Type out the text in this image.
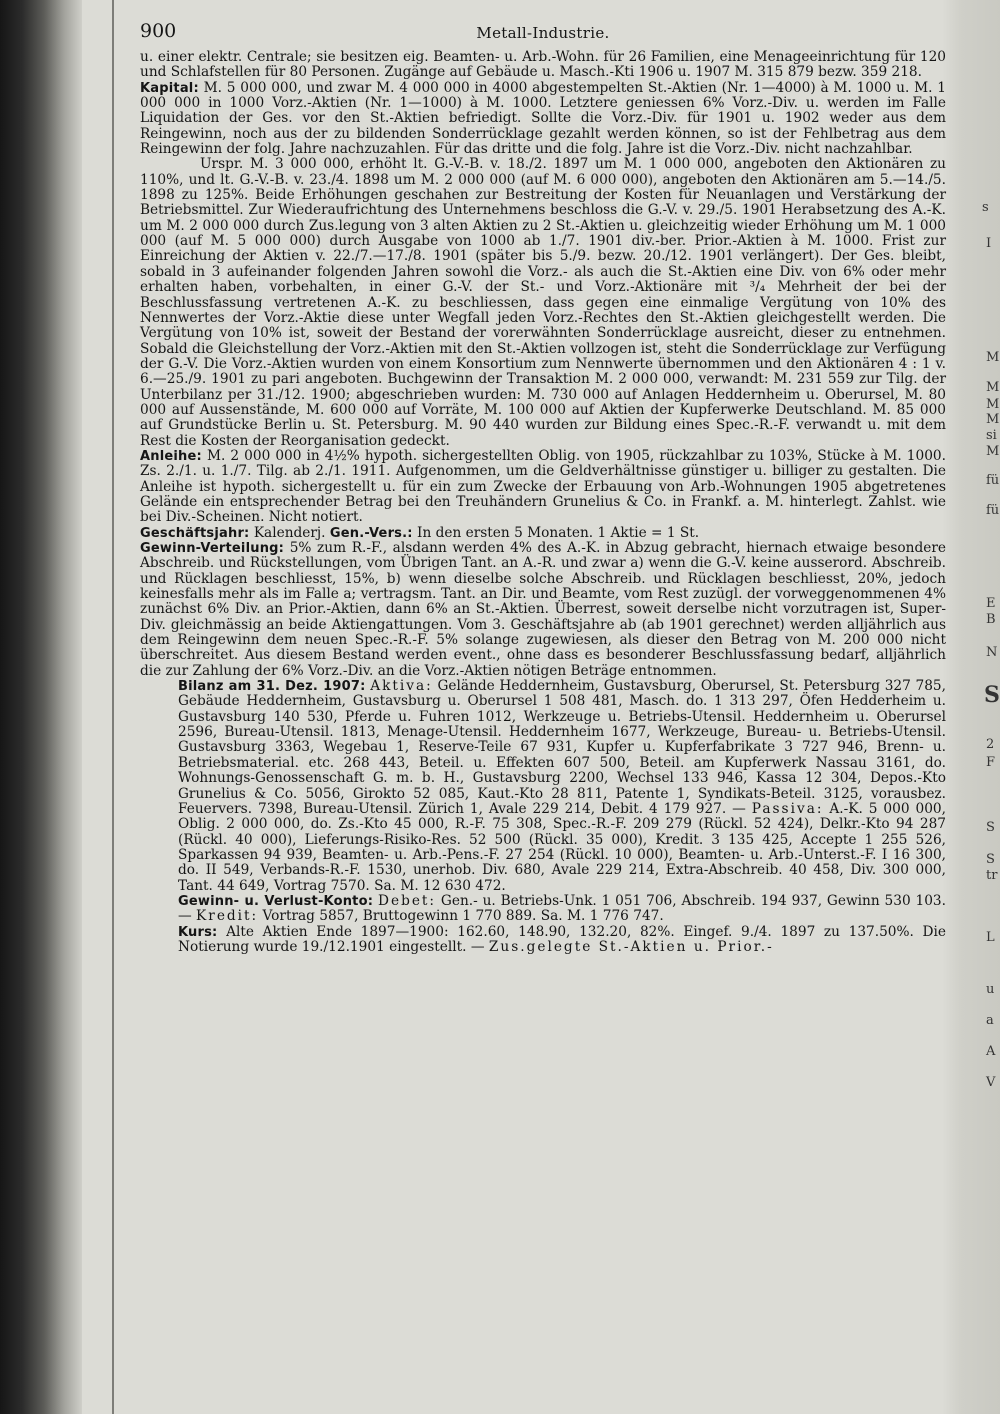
s
I
M
M
M
M
si
M
fü
fü
E
B
N
S
2
F
S
S
tr
L
u
a
A
V
900	Metall-Industrie.

u. einer elektr. Centrale; sie besitzen eig. Beamten- u. Arb.-Wohn. für 26 Familien, eine Menageeinrichtung für 120 und Schlafstellen für 80 Personen. Zugänge auf Gebäude u. Masch.-Kti 1906 u. 1907 M. 315 879 bezw. 359 218.

Kapital: M. 5 000 000, und zwar M. 4 000 000 in 4000 abgestempelten St.-Aktien (Nr. 1—4000) à M. 1000 u. M. 1 000 000 in 1000 Vorz.-Aktien (Nr. 1—1000) à M. 1000. Letztere geniessen 6% Vorz.-Div. u. werden im Falle Liquidation der Ges. vor den St.-Aktien befriedigt. Sollte die Vorz.-Div. für 1901 u. 1902 weder aus dem Reingewinn, noch aus der zu bildenden Sonderrücklage gezahlt werden können, so ist der Fehlbetrag aus dem Reingewinn der folg. Jahre nachzuzahlen. Für das dritte und die folg. Jahre ist die Vorz.-Div. nicht nachzahlbar.

Urspr. M. 3 000 000, erhöht lt. G.-V.-B. v. 18./2. 1897 um M. 1 000 000, angeboten den Aktionären zu 110%, und lt. G.-V.-B. v. 23./4. 1898 um M. 2 000 000 (auf M. 6 000 000), angeboten den Aktionären am 5.—14./5. 1898 zu 125%. Beide Erhöhungen geschahen zur Bestreitung der Kosten für Neuanlagen und Verstärkung der Betriebsmittel. Zur Wiederaufrichtung des Unternehmens beschloss die G.-V. v. 29./5. 1901 Herabsetzung des A.-K. um M. 2 000 000 durch Zus.legung von 3 alten Aktien zu 2 St.-Aktien u. gleichzeitig wieder Erhöhung um M. 1 000 000 (auf M. 5 000 000) durch Ausgabe von 1000 ab 1./7. 1901 div.-ber. Prior.-Aktien à M. 1000. Frist zur Einreichung der Aktien v. 22./7.—17./8. 1901 (später bis 5./9. bezw. 20./12. 1901 verlängert). Der Ges. bleibt, sobald in 3 aufeinander folgenden Jahren sowohl die Vorz.- als auch die St.-Aktien eine Div. von 6% oder mehr erhalten haben, vorbehalten, in einer G.-V. der St.- und Vorz.-Aktionäre mit ³/₄ Mehrheit der bei der Beschlussfassung vertretenen A.-K. zu beschliessen, dass gegen eine einmalige Vergütung von 10% des Nennwertes der Vorz.-Aktie diese unter Wegfall jeden Vorz.-Rechtes den St.-Aktien gleichgestellt werden. Die Vergütung von 10% ist, soweit der Bestand der vorerwähnten Sonderrücklage ausreicht, dieser zu entnehmen. Sobald die Gleichstellung der Vorz.-Aktien mit den St.-Aktien vollzogen ist, steht die Sonderrücklage zur Verfügung der G.-V. Die Vorz.-Aktien wurden von einem Konsortium zum Nennwerte übernommen und den Aktionären 4 : 1 v. 6.—25./9. 1901 zu pari angeboten. Buchgewinn der Transaktion M. 2 000 000, verwandt: M. 231 559 zur Tilg. der Unterbilanz per 31./12. 1900; abgeschrieben wurden: M. 730 000 auf Anlagen Heddernheim u. Oberursel, M. 80 000 auf Aussenstände, M. 600 000 auf Vorräte, M. 100 000 auf Aktien der Kupferwerke Deutschland. M. 85 000 auf Grundstücke Berlin u. St. Petersburg. M. 90 440 wurden zur Bildung eines Spec.-R.-F. verwandt u. mit dem Rest die Kosten der Reorganisation gedeckt.

Anleihe: M. 2 000 000 in 4½% hypoth. sichergestellten Oblig. von 1905, rückzahlbar zu 103%, Stücke à M. 1000. Zs. 2./1. u. 1./7. Tilg. ab 2./1. 1911. Aufgenommen, um die Geldverhältnisse günstiger u. billiger zu gestalten. Die Anleihe ist hypoth. sichergestellt u. für ein zum Zwecke der Erbauung von Arb.-Wohnungen 1905 abgetretenes Gelände ein entsprechender Betrag bei den Treuhändern Grunelius & Co. in Frankf. a. M. hinterlegt. Zahlst. wie bei Div.-Scheinen. Nicht notiert.

Geschäftsjahr: Kalenderj. Gen.-Vers.: In den ersten 5 Monaten. 1 Aktie = 1 St.

Gewinn-Verteilung: 5% zum R.-F., alsdann werden 4% des A.-K. in Abzug gebracht, hiernach etwaige besondere Abschreib. und Rückstellungen, vom Übrigen Tant. an A.-R. und zwar a) wenn die G.-V. keine ausserord. Abschreib. und Rücklagen beschliesst, 15%, b) wenn dieselbe solche Abschreib. und Rücklagen beschliesst, 20%, jedoch keinesfalls mehr als im Falle a; vertragsm. Tant. an Dir. und Beamte, vom Rest zuzügl. der vorweggenommenen 4% zunächst 6% Div. an Prior.-Aktien, dann 6% an St.-Aktien. Überrest, soweit derselbe nicht vorzutragen ist, Super-Div. gleichmässig an beide Aktiengattungen. Vom 3. Geschäftsjahre ab (ab 1901 gerechnet) werden alljährlich aus dem Reingewinn dem neuen Spec.-R.-F. 5% solange zugewiesen, als dieser den Betrag von M. 200 000 nicht überschreitet. Aus diesem Bestand werden event., ohne dass es besonderer Beschlussfassung bedarf, alljährlich die zur Zahlung der 6% Vorz.-Div. an die Vorz.-Aktien nötigen Beträge entnommen.

Bilanz am 31. Dez. 1907: Aktiva: Gelände Heddernheim, Gustavsburg, Oberursel, St. Petersburg 327 785, Gebäude Heddernheim, Gustavsburg u. Oberursel 1 508 481, Masch. do. 1 313 297, Öfen Hedderheim u. Gustavsburg 140 530, Pferde u. Fuhren 1012, Werkzeuge u. Betriebs-Utensil. Heddernheim u. Oberursel 2596, Bureau-Utensil. 1813, Menage-Utensil. Heddernheim 1677, Werkzeuge, Bureau- u. Betriebs-Utensil. Gustavsburg 3363, Wegebau 1, Reserve-Teile 67 931, Kupfer u. Kupferfabrikate 3 727 946, Brenn- u. Betriebsmaterial. etc. 268 443, Beteil. u. Effekten 607 500, Beteil. am Kupferwerk Nassau 3161, do. Wohnungs-Genossenschaft G. m. b. H., Gustavsburg 2200, Wechsel 133 946, Kassa 12 304, Depos.-Kto Grunelius & Co. 5056, Girokto 52 085, Kaut.-Kto 28 811, Patente 1, Syndikats-Beteil. 3125, vorausbez. Feuervers. 7398, Bureau-Utensil. Zürich 1, Avale 229 214, Debit. 4 179 927. — Passiva: A.-K. 5 000 000, Oblig. 2 000 000, do. Zs.-Kto 45 000, R.-F. 75 308, Spec.-R.-F. 209 279 (Rückl. 52 424), Delkr.-Kto 94 287 (Rückl. 40 000), Lieferungs-Risiko-Res. 52 500 (Rückl. 35 000), Kredit. 3 135 425, Accepte 1 255 526, Sparkassen 94 939, Beamten- u. Arb.-Pens.-F. 27 254 (Rückl. 10 000), Beamten- u. Arb.-Unterst.-F. I 16 300, do. II 549, Verbands-R.-F. 1530, unerhob. Div. 680, Avale 229 214, Extra-Abschreib. 40 458, Div. 300 000, Tant. 44 649, Vortrag 7570. Sa. M. 12 630 472.

Gewinn- u. Verlust-Konto: Debet: Gen.- u. Betriebs-Unk. 1 051 706, Abschreib. 194 937, Gewinn 530 103. — Kredit: Vortrag 5857, Bruttogewinn 1 770 889. Sa. M. 1 776 747.

Kurs: Alte Aktien Ende 1897—1900: 162.60, 148.90, 132.20, 82%. Eingef. 9./4. 1897 zu 137.50%. Die Notierung wurde 19./12.1901 eingestellt. — Zus.gelegte St.-Aktien u. Prior.-
